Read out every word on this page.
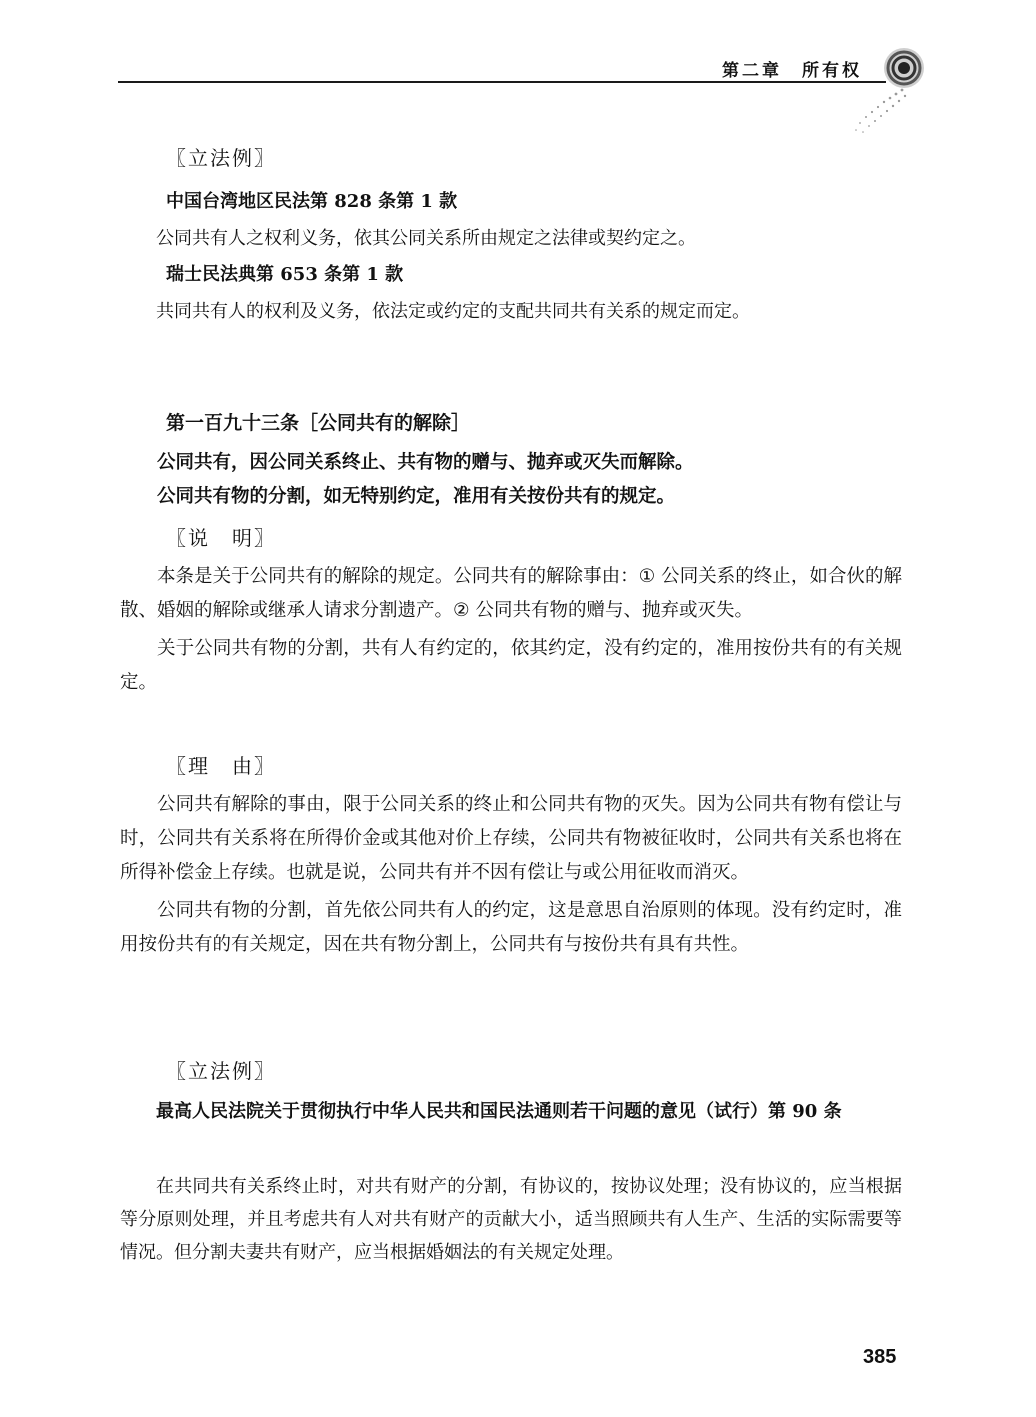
第二章 所有权
〖立法例〗
中国台湾地区民法第 828 条第 1 款

公同共有人之权利义务，依其公同关系所由规定之法律或契约定之。

瑞士民法典第 653 条第 1 款

共同共有人的权利及义务，依法定或约定的支配共同共有关系的规定而定。

第一百九十三条［公同共有的解除］

公同共有，因公同关系终止、共有物的赠与、抛弃或灭失而解除。

公同共有物的分割，如无特别约定，准用有关按份共有的规定。

〖说　明〗

本条是关于公同共有的解除的规定。公同共有的解除事由：① 公同关系的终止，如合伙的解散、婚姻的解除或继承人请求分割遗产。② 公同共有物的赠与、抛弃或灭失。

关于公同共有物的分割，共有人有约定的，依其约定，没有约定的，准用按份共有的有关规定。

〖理　由〗

公同共有解除的事由，限于公同关系的终止和公同共有物的灭失。因为公同共有物有偿让与时，公同共有关系将在所得价金或其他对价上存续，公同共有物被征收时，公同共有关系也将在所得补偿金上存续。也就是说，公同共有并不因有偿让与或公用征收而消灭。

公同共有物的分割，首先依公同共有人的约定，这是意思自治原则的体现。没有约定时，准用按份共有的有关规定，因在共有物分割上，公同共有与按份共有具有共性。

〖立法例〗

最高人民法院关于贯彻执行中华人民共和国民法通则若干问题的意见（试行）第 90 条

在共同共有关系终止时，对共有财产的分割，有协议的，按协议处理；没有协议的，应当根据等分原则处理，并且考虑共有人对共有财产的贡献大小，适当照顾共有人生产、生活的实际需要等情况。但分割夫妻共有财产，应当根据婚姻法的有关规定处理。

385
